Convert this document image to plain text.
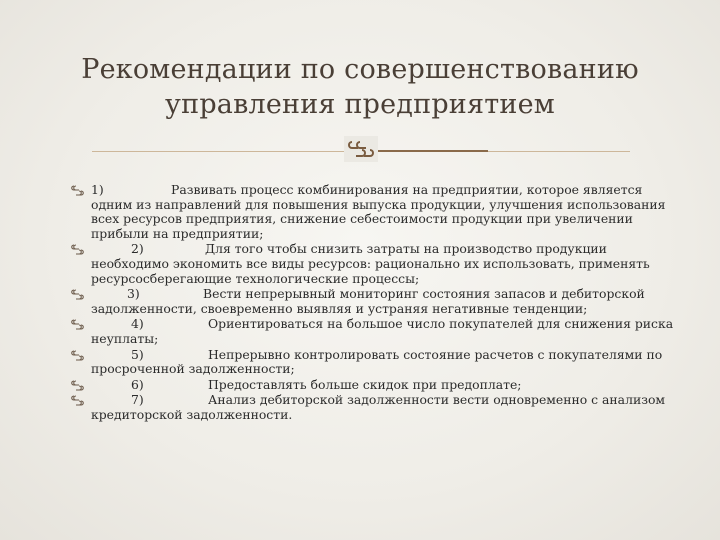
Рекомендации по совершенствованию
управления предприятием
1)	Развивать процесс комбинирования на предприятии, которое является одним из направлений для повышения выпуска продукции, улучшения использования всех ресурсов предприятия, снижение себестоимости продукции при увеличении прибыли на предприятии;
2)	Для того чтобы снизить затраты на производство продукции необходимо экономить все виды ресурсов: рационально их использовать, применять ресурсосберегающие технологические процессы;
3)	Вести непрерывный мониторинг состояния запасов и дебиторской задолженности, своевременно выявляя и устраняя негативные тенденции;
4)	Ориентироваться на большое число покупателей для снижения риска неуплаты;
5)	Непрерывно контролировать состояние расчетов с покупателями по просроченной задолженности;
6)	Предоставлять больше скидок при предоплате;
7)	Анализ дебиторской задолженности вести одновременно с анализом кредиторской задолженности.
